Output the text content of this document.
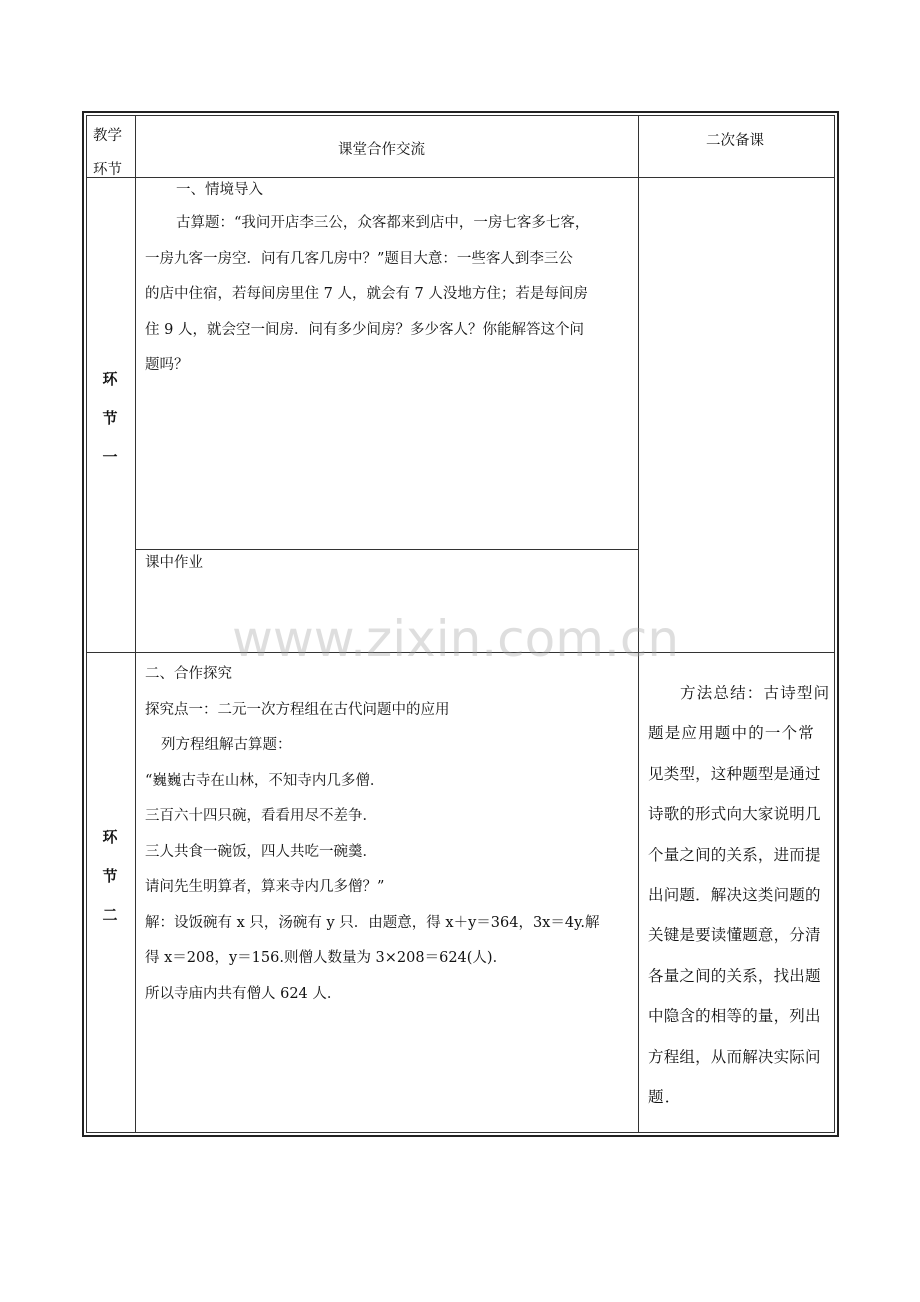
教学
环节
课堂合作交流
二次备课
环
节
一
一、情境导入

古算题：“我问开店李三公，众客都来到店中，一房七客多七客，

一房九客一房空．问有几客几房中？”题目大意：一些客人到李三公

的店中住宿，若每间房里住 7 人，就会有 7 人没地方住；若是每间房

住 9 人，就会空一间房．问有多少间房？多少客人？你能解答这个问

题吗？

课中作业
www.zixin.com.cn
环
节
二

二、合作探究

探究点一：二元一次方程组在古代问题中的应用

列方程组解古算题：

“巍巍古寺在山林，不知寺内几多僧．

三百六十四只碗，看看用尽不差争．

三人共食一碗饭，四人共吃一碗羹．

请问先生明算者，算来寺内几多僧？”

解：设饭碗有 x 只，汤碗有 y 只．由题意，得 x＋y＝364，3x＝4y.解

得 x＝208，y＝156.则僧人数量为 3×208＝624(人)．

所以寺庙内共有僧人 624 人．

方法总结：古诗型问

题是应用题中的一个常

见类型，这种题型是通过

诗歌的形式向大家说明几

个量之间的关系，进而提

出问题．解决这类问题的

关键是要读懂题意，分清

各量之间的关系，找出题

中隐含的相等的量，列出

方程组，从而解决实际问

题．
